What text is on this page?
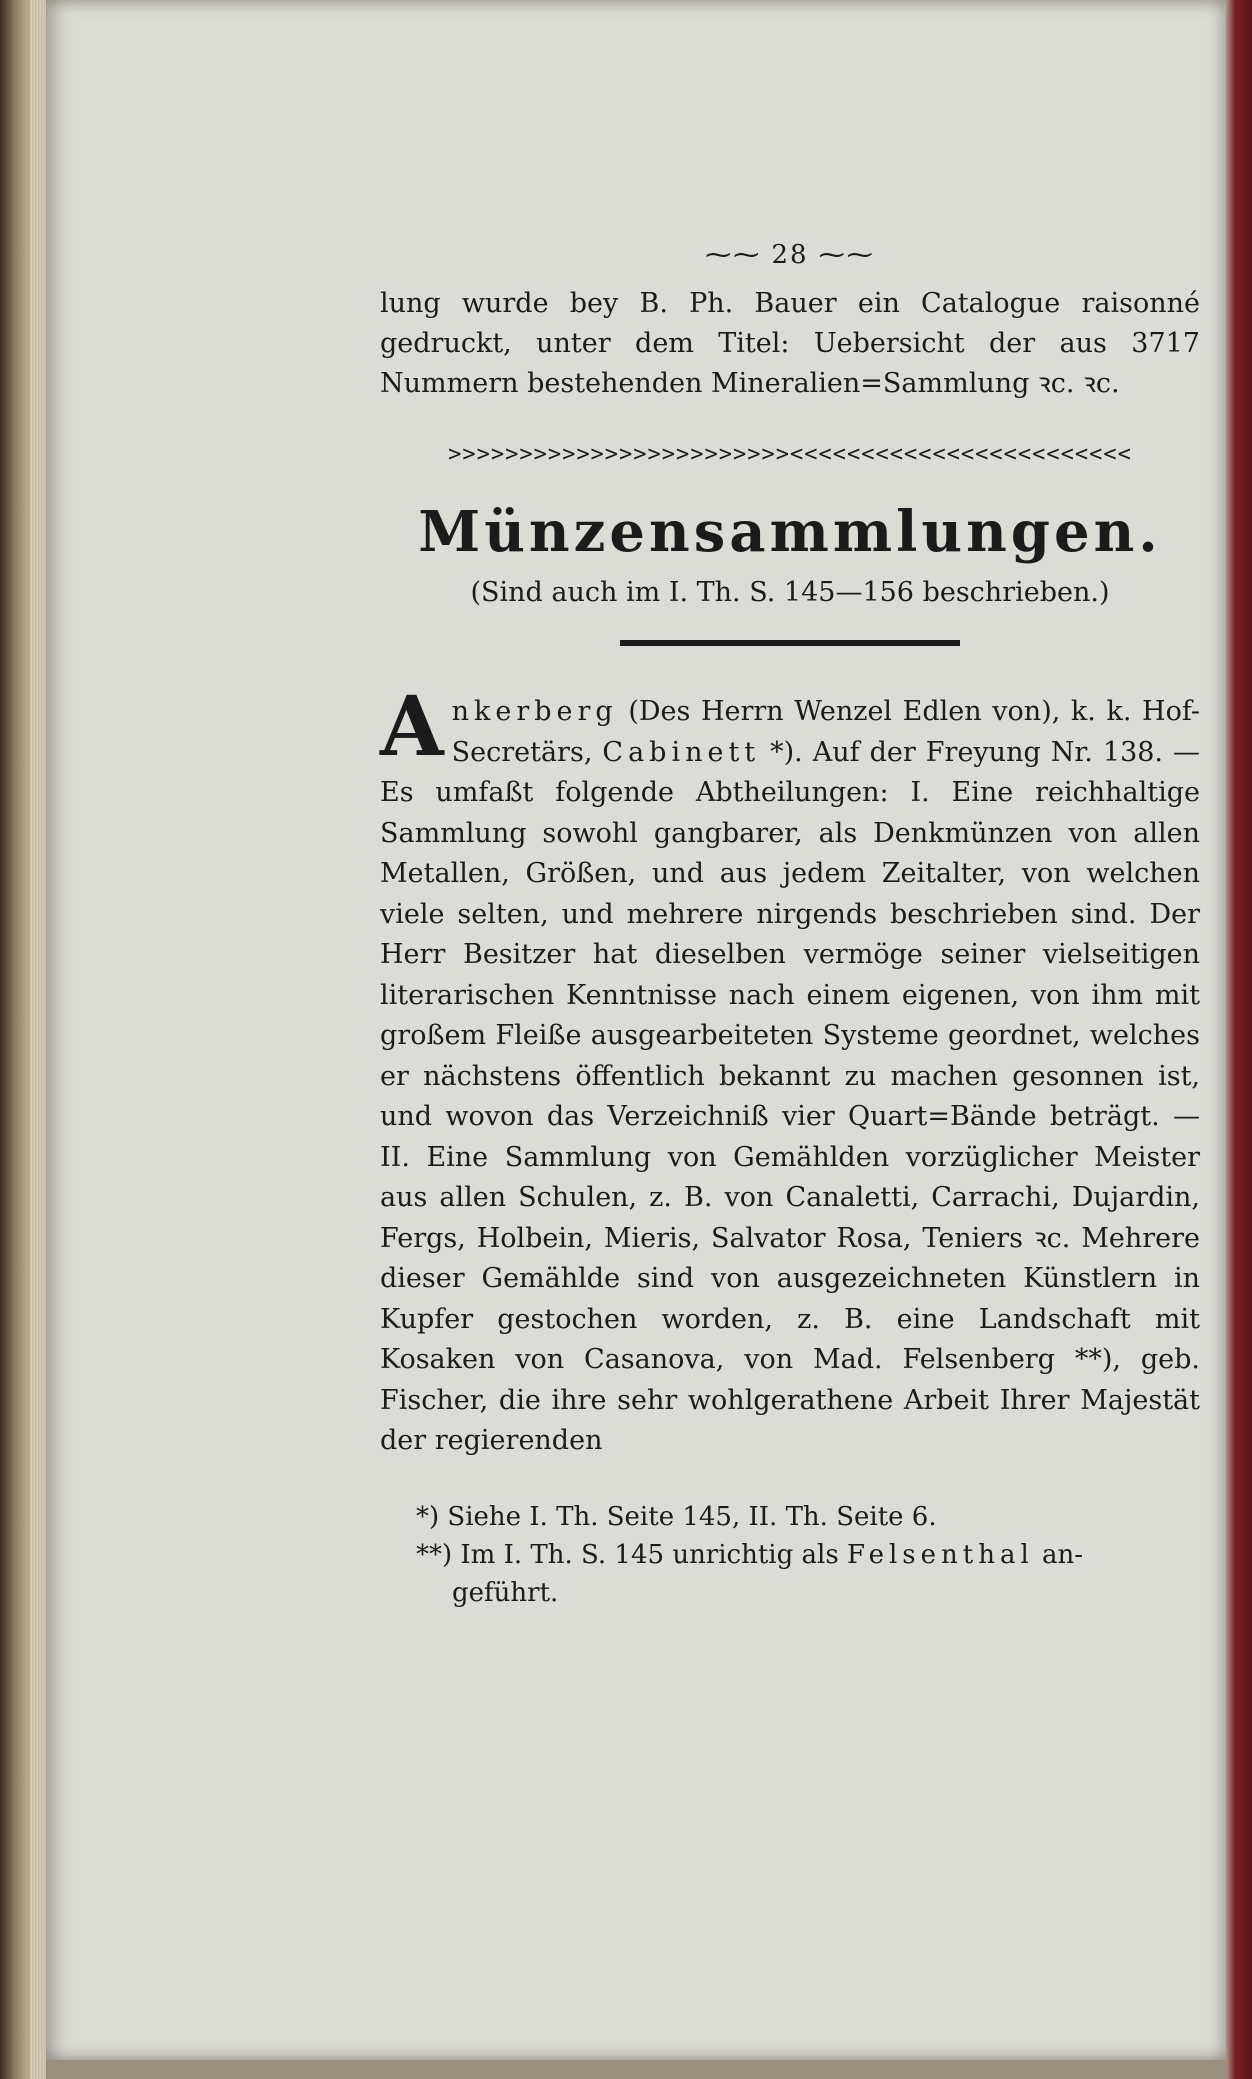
⁓⁓ 28 ⁓⁓

lung wurde bey B. Ph. Bauer ein Catalogue raisonné gedruckt, unter dem Titel: Uebersicht der aus 3717 Nummern bestehenden Mineralien=Sammlung ꝛc. ꝛc.

>>>>>>>>>>>>>>>>>>>>>>>><<<<<<<<<<<<<<<<<<<<<<<<
Münzensammlungen.
(Sind auch im I. Th. S. 145—156 beschrieben.)

Ankerberg (Des Herrn Wenzel Edlen von), k. k. Hof-Secretärs, Cabinett *). Auf der Freyung Nr. 138. — Es umfaßt folgende Abtheilungen: I. Eine reichhaltige Sammlung sowohl gangbarer, als Denkmünzen von allen Metallen, Größen, und aus jedem Zeitalter, von welchen viele selten, und mehrere nirgends beschrieben sind. Der Herr Besitzer hat dieselben vermöge seiner vielseitigen literarischen Kenntnisse nach einem eigenen, von ihm mit großem Fleiße ausgearbeiteten Systeme geordnet, welches er nächstens öffentlich bekannt zu machen gesonnen ist, und wovon das Verzeichniß vier Quart=Bände beträgt. — II. Eine Sammlung von Gemählden vorzüglicher Meister aus allen Schulen, z. B. von Canaletti, Carrachi, Dujardin, Fergs, Holbein, Mieris, Salvator Rosa, Teniers ꝛc. Mehrere dieser Gemählde sind von ausgezeichneten Künstlern in Kupfer gestochen worden, z. B. eine Landschaft mit Kosaken von Casanova, von Mad. Felsenberg **), geb. Fischer, die ihre sehr wohlgerathene Arbeit Ihrer Majestät der regierenden

*) Siehe I. Th. Seite 145, II. Th. Seite 6.

**) Im I. Th. S. 145 unrichtig als Felsenthal an-

geführt.
